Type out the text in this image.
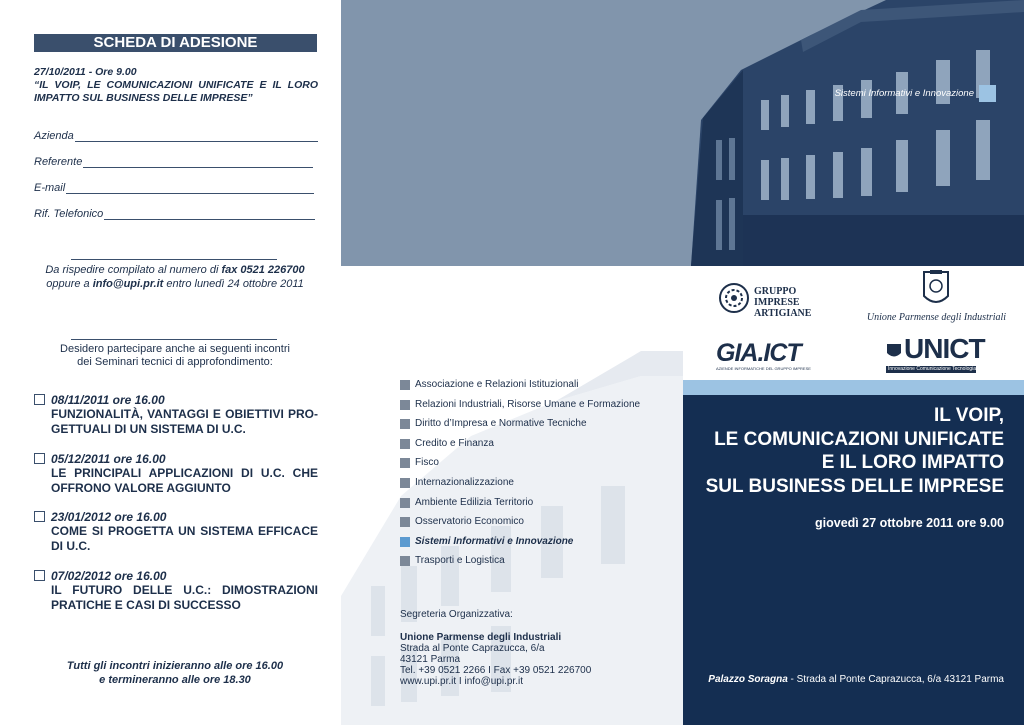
SCHEDA DI ADESIONE
27/10/2011 - Ore 9.00
“IL VOIP, LE COMUNICAZIONI UNIFICATE E IL LORO
IMPATTO SUL BUSINESS DELLE IMPRESE”
Azienda
Referente
E-mail
Rif. Telefonico
Da rispedire compilato al numero di fax 0521 226700
oppure a info@upi.pr.it entro lunedì 24 ottobre 2011
Desidero partecipare anche ai seguenti incontri
dei Seminari tecnici di approfondimento:
08/11/2011 ore 16.00
FUNZIONALITÀ, VANTAGGI E OBIETTIVI PRO-GETTUALI DI UN SISTEMA DI U.C.
05/12/2011 ore 16.00
LE PRINCIPALI APPLICAZIONI DI U.C. CHE OFFRONO VALORE AGGIUNTO
23/01/2012 ore 16.00
COME SI PROGETTA UN SISTEMA EFFICACE DI U.C.
07/02/2012 ore 16.00
IL FUTURO DELLE U.C.: DIMOSTRAZIONI PRATICHE E CASI DI SUCCESSO
Tutti gli incontri inizieranno alle ore 16.00
e termineranno alle ore 18.30
Sistemi Informativi e Innovazione
Associazione e Relazioni Istituzionali
Relazioni Industriali, Risorse Umane e Formazione
Diritto d’Impresa e Normative Tecniche
Credito e Finanza
Fisco
Internazionalizzazione
Ambiente Edilizia Territorio
Osservatorio Economico
Sistemi Informativi e Innovazione
Trasporti e Logistica
Segreteria Organizzativa:
Unione Parmense degli Industriali
Strada al Ponte Caprazucca, 6/a
43121 Parma
Tel. +39 0521 2266 I Fax +39 0521 226700
www.upi.pr.it I info@upi.pr.it
GRUPPO IMPRESE
ARTIGIANE	Unione Parmense degli Industriali
GIA.ICT
AZIENDE INFORMATICHE DEL GRUPPO IMPRESE
UNICT
Innovazione Comunicazione Tecnologia
IL VOIP,
LE COMUNICAZIONI UNIFICATE
E IL LORO IMPATTO
SUL BUSINESS DELLE IMPRESE
giovedì 27 ottobre 2011 ore 9.00
Palazzo Soragna - Strada al Ponte Caprazucca, 6/a 43121 Parma
